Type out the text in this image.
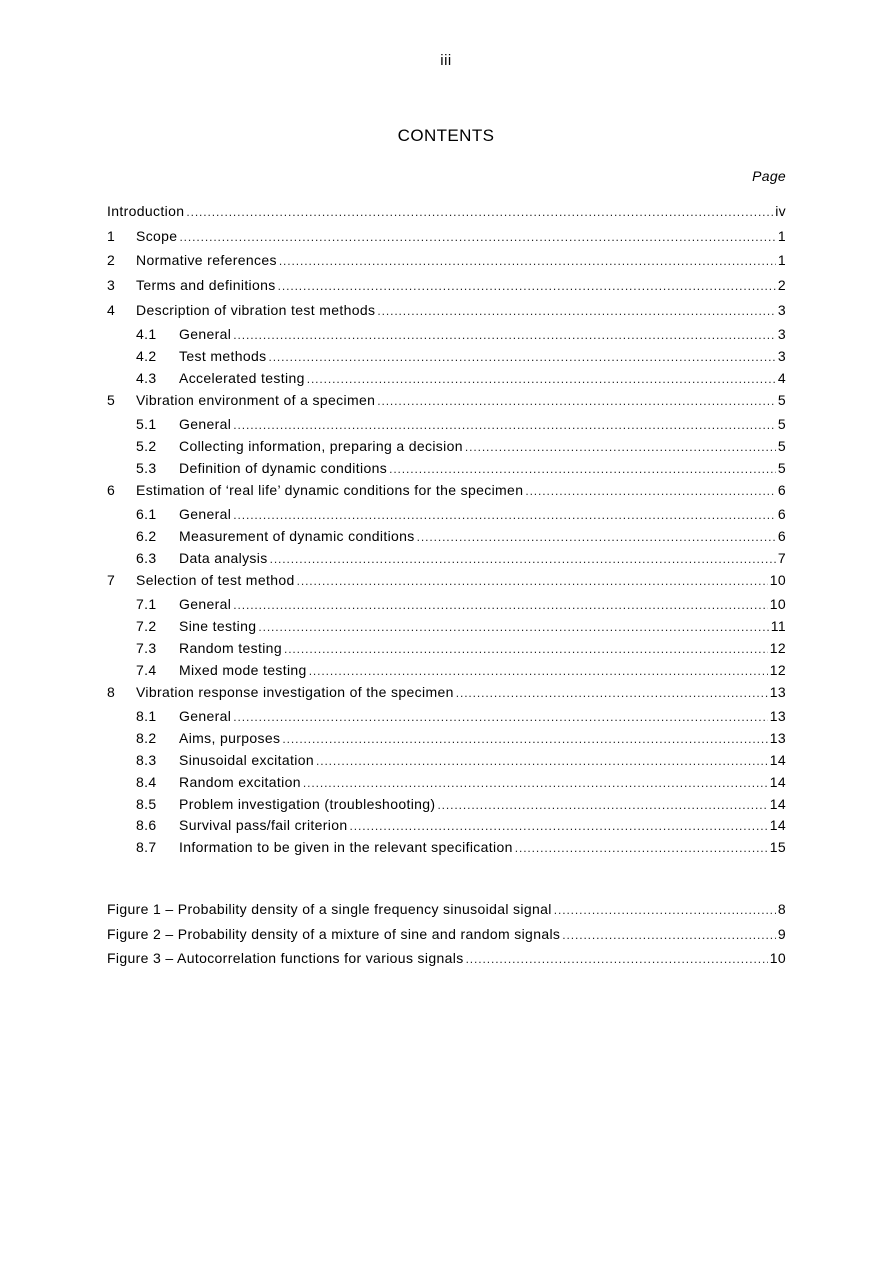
iii
CONTENTS
Page
Introduction .....	iv
1	Scope .....	1
2	Normative references .....	1
3	Terms and definitions .....	2
4	Description of vibration test methods .....	3
4.1	General .....	3
4.2	Test methods .....	3
4.3	Accelerated testing .....	4
5	Vibration environment of a specimen .....	5
5.1	General .....	5
5.2	Collecting information, preparing a decision .....	5
5.3	Definition of dynamic conditions .....	5
6	Estimation of ‘real life’ dynamic conditions for the specimen .....	6
6.1	General .....	6
6.2	Measurement of dynamic conditions .....	6
6.3	Data analysis .....	7
7	Selection of test method .....	10
7.1	General .....	10
7.2	Sine testing .....	11
7.3	Random testing .....	12
7.4	Mixed mode testing .....	12
8	Vibration response investigation of the specimen .....	13
8.1	General .....	13
8.2	Aims, purposes .....	13
8.3	Sinusoidal excitation .....	14
8.4	Random excitation .....	14
8.5	Problem investigation (troubleshooting) .....	14
8.6	Survival pass/fail criterion .....	14
8.7	Information to be given in the relevant specification .....	15
Figure 1 – Probability density of a single frequency sinusoidal signal .....	8
Figure 2 – Probability density of a mixture of sine and random signals .....	9
Figure 3 – Autocorrelation functions for various signals .....	10
